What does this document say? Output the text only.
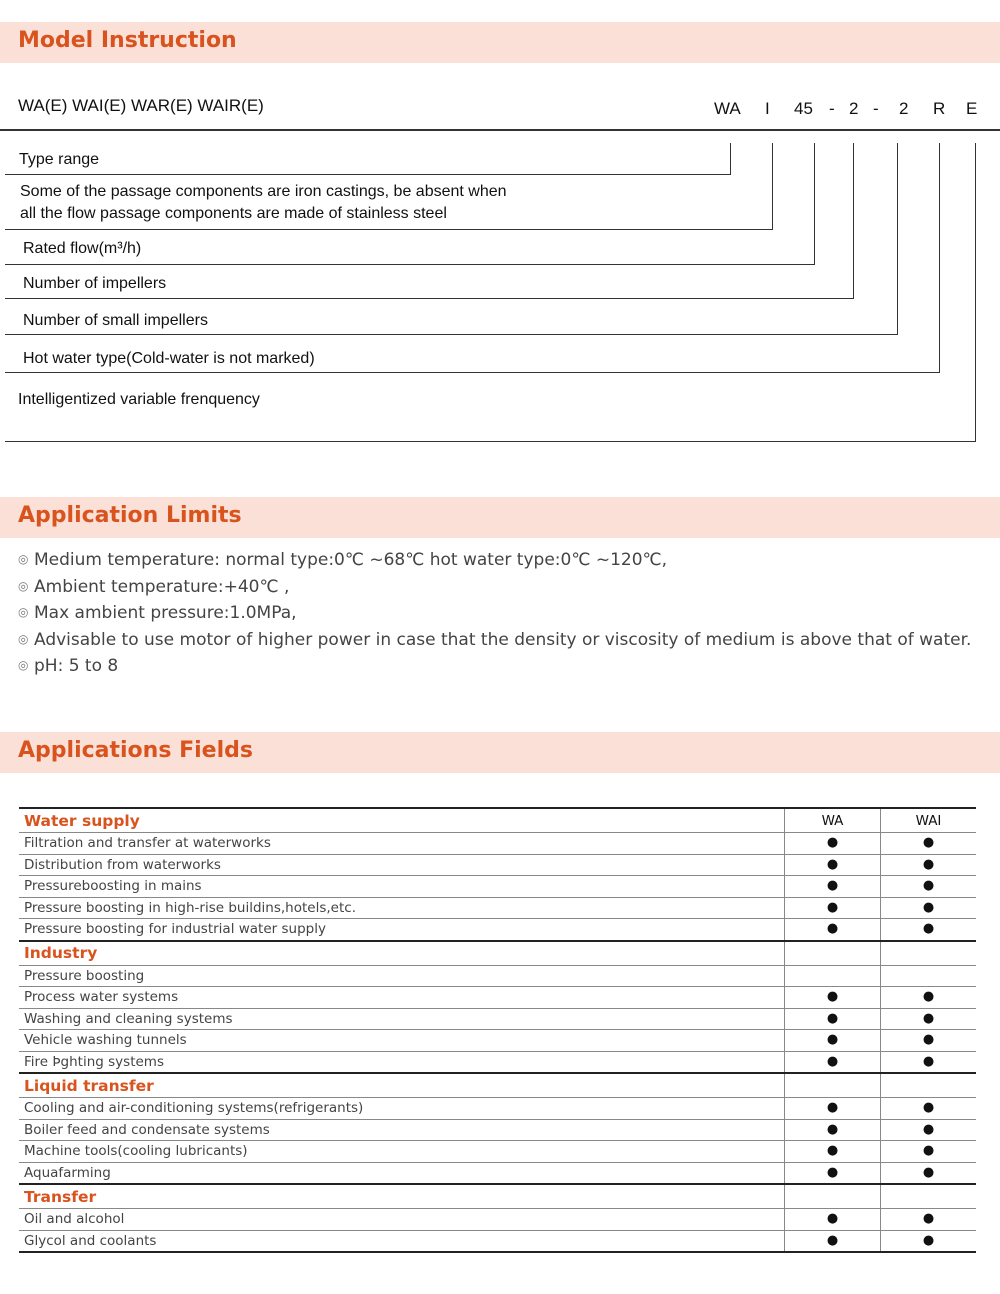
Model Instruction
Application Limits
Applications Fields
WA(E) WAI(E) WAR(E) WAIR(E)	WA I 45 - 2 - 2 R E
Type range
Some of the passage components are iron castings, be absent when
all the flow passage components are made of stainless steel
Rated flow(m³/h)
Number of impellers
Number of small impellers
Hot water type(Cold-water is not marked)
Intelligentized variable frenquency
◎ Medium temperature: normal type:0℃ ~68℃ hot water type:0℃ ~120℃,
◎ Ambient temperature:+40℃ ,
◎ Max ambient pressure:1.0MPa,
◎ Advisable to use motor of higher power in case that the density or viscosity of medium is above that of water.
◎ pH: 5 to 8
Water supply	WA	WAI
Filtration and transfer at waterworks	●	●
Distribution from waterworks	●	●
Pressureboosting in mains	●	●
Pressure boosting in high-rise buildins,hotels,etc.	●	●
Pressure boosting for industrial water supply	●	●
Industry		
Pressure boosting		
Process water systems	●	●
Washing and cleaning systems	●	●
Vehicle washing tunnels	●	●
Fire Þghting systems	●	●
Liquid transfer		
Cooling and air-conditioning systems(refrigerants)	●	●
Boiler feed and condensate systems	●	●
Machine tools(cooling lubricants)	●	●
Aquafarming	●	●
Transfer		
Oil and alcohol	●	●
Glycol and coolants	●	●
